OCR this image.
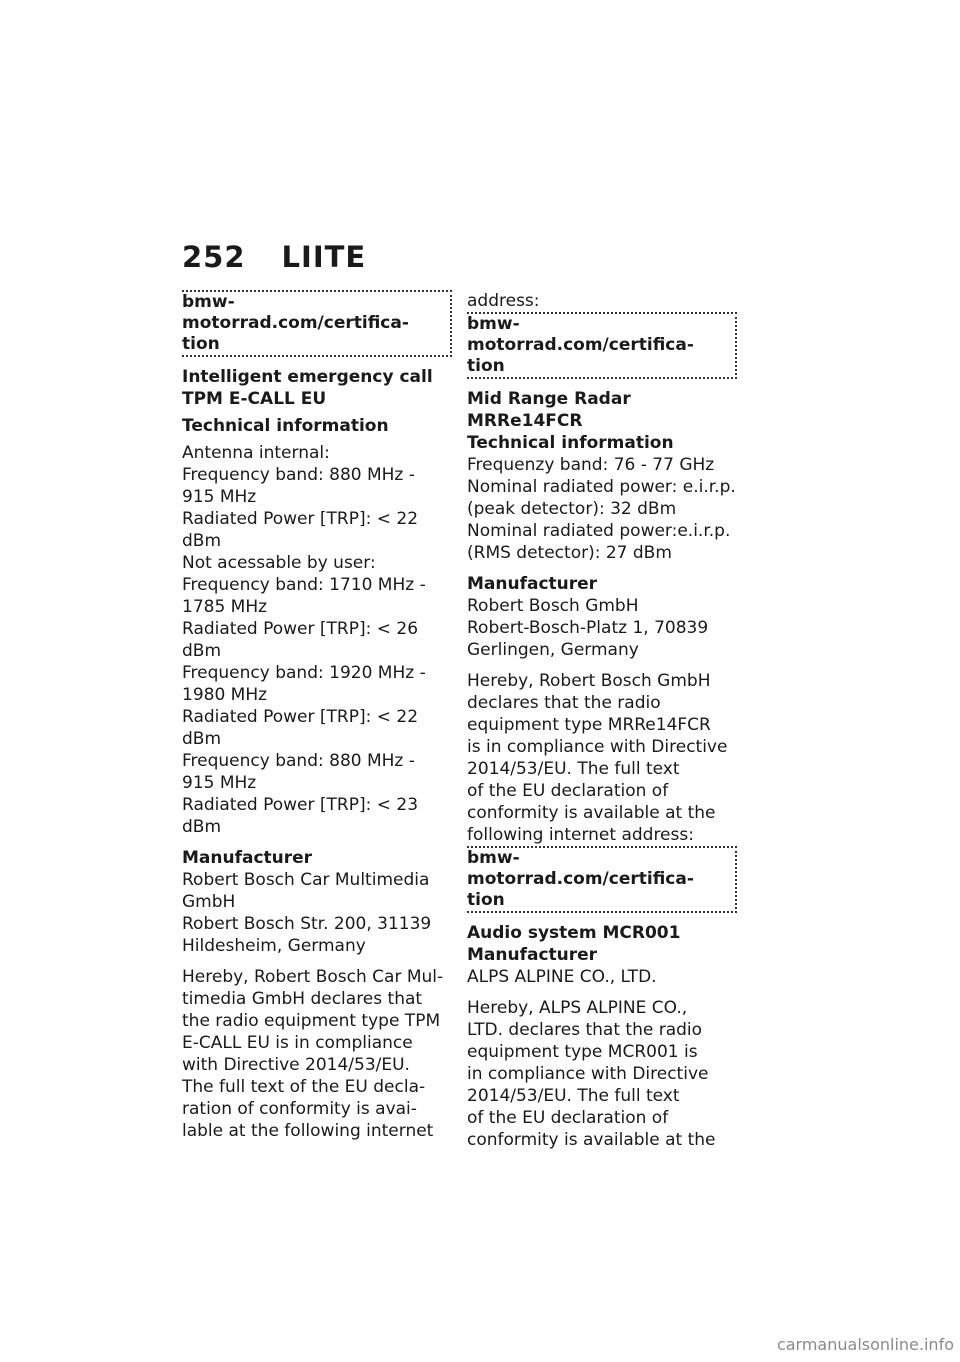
252 LIITE
bmw-motorrad.com/certifica-
tion

Intelligent emergency call

TPM E-CALL EU

Technical information

Antenna internal:

Frequency band: 880 MHz -

915 MHz

Radiated Power [TRP]: < 22

dBm

Not acessable by user:

Frequency band: 1710 MHz -

1785 MHz

Radiated Power [TRP]: < 26

dBm

Frequency band: 1920 MHz -

1980 MHz

Radiated Power [TRP]: < 22

dBm

Frequency band: 880 MHz -

915 MHz

Radiated Power [TRP]: < 23

dBm

Manufacturer

Robert Bosch Car Multimedia

GmbH

Robert Bosch Str. 200, 31139

Hildesheim, Germany

Hereby, Robert Bosch Car Mul-

timedia GmbH declares that

the radio equipment type TPM

E-CALL EU is in compliance

with Directive 2014/53/EU.

The full text of the EU decla-

ration of conformity is avai-

lable at the following internet

address:

bmw-motorrad.com/certifica-
tion

Mid Range Radar

MRRe14FCR

Technical information

Frequenzy band: 76 - 77 GHz

Nominal radiated power: e.i.r.p.

(peak detector): 32 dBm

Nominal radiated power:e.i.r.p.

(RMS detector): 27 dBm

Manufacturer

Robert Bosch GmbH

Robert-Bosch-Platz 1, 70839

Gerlingen, Germany

Hereby, Robert Bosch GmbH

declares that the radio

equipment type MRRe14FCR

is in compliance with Directive

2014/53/EU. The full text

of the EU declaration of

conformity is available at the

following internet address:

bmw-motorrad.com/certifica-
tion

Audio system MCR001

Manufacturer

ALPS ALPINE CO., LTD.

Hereby, ALPS ALPINE CO.,

LTD. declares that the radio

equipment type MCR001 is

in compliance with Directive

2014/53/EU. The full text

of the EU declaration of

conformity is available at the

carmanualsonline.info
